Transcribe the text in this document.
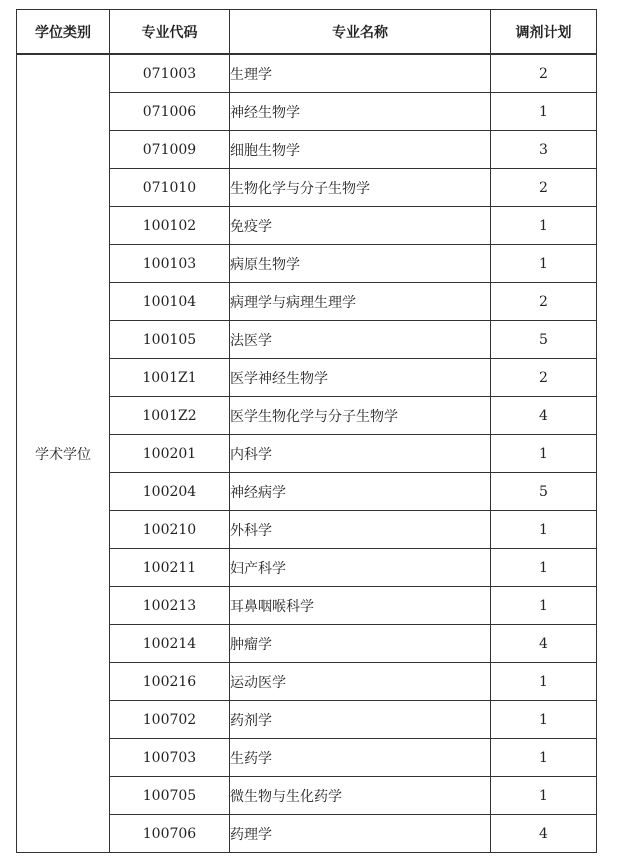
学位类别	专业代码	专业名称	调剂计划
学术学位	071003	生理学	2
	071006	神经生物学	1
	071009	细胞生物学	3
	071010	生物化学与分子生物学	2
	100102	免疫学	1
	100103	病原生物学	1
	100104	病理学与病理生理学	2
	100105	法医学	5
	1001Z1	医学神经生物学	2
	1001Z2	医学生物化学与分子生物学	4
	100201	内科学	1
	100204	神经病学	5
	100210	外科学	1
	100211	妇产科学	1
	100213	耳鼻咽喉科学	1
	100214	肿瘤学	4
	100216	运动医学	1
	100702	药剂学	1
	100703	生药学	1
	100705	微生物与生化药学	1
	100706	药理学	4
